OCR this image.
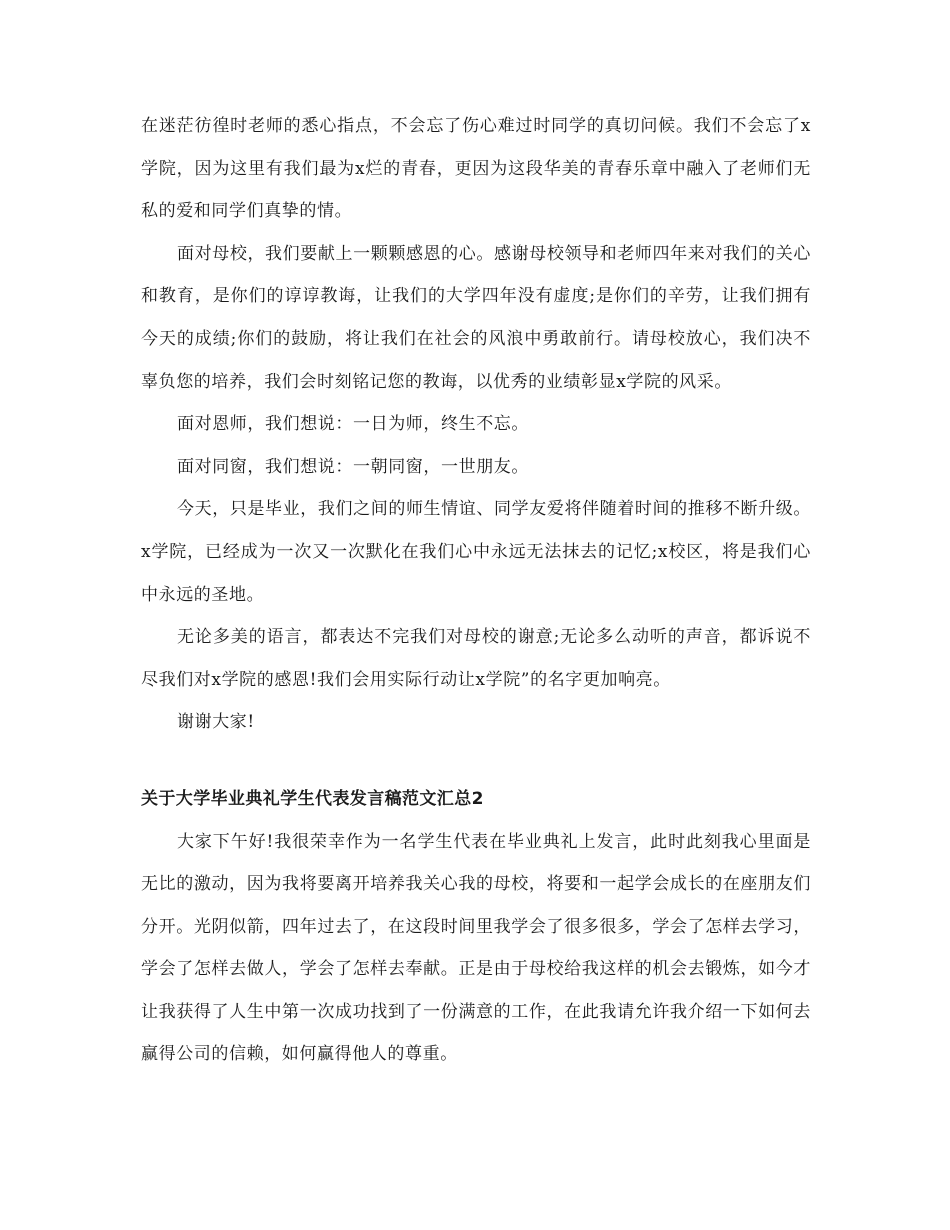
在迷茫彷徨时老师的悉心指点，不会忘了伤心难过时同学的真切问候。我们不会忘了x学院，因为这里有我们最为x烂的青春，更因为这段华美的青春乐章中融入了老师们无私的爱和同学们真挚的情。

面对母校，我们要献上一颗颗感恩的心。感谢母校领导和老师四年来对我们的关心和教育，是你们的谆谆教诲，让我们的大学四年没有虚度;是你们的辛劳，让我们拥有今天的成绩;你们的鼓励，将让我们在社会的风浪中勇敢前行。请母校放心，我们决不辜负您的培养，我们会时刻铭记您的教诲，以优秀的业绩彰显x学院的风采。

面对恩师，我们想说：一日为师，终生不忘。

面对同窗，我们想说：一朝同窗，一世朋友。

今天，只是毕业，我们之间的师生情谊、同学友爱将伴随着时间的推移不断升级。x学院，已经成为一次又一次默化在我们心中永远无法抹去的记忆;x校区，将是我们心中永远的圣地。

无论多美的语言，都表达不完我们对母校的谢意;无论多么动听的声音，都诉说不尽我们对x学院的感恩!我们会用实际行动让x学院”的名字更加响亮。

谢谢大家!

关于大学毕业典礼学生代表发言稿范文汇总2

大家下午好!我很荣幸作为一名学生代表在毕业典礼上发言，此时此刻我心里面是无比的激动，因为我将要离开培养我关心我的母校，将要和一起学会成长的在座朋友们分开。光阴似箭，四年过去了，在这段时间里我学会了很多很多，学会了怎样去学习，学会了怎样去做人，学会了怎样去奉献。正是由于母校给我这样的机会去锻炼，如今才让我获得了人生中第一次成功找到了一份满意的工作，在此我请允许我介绍一下如何去赢得公司的信赖，如何赢得他人的尊重。
